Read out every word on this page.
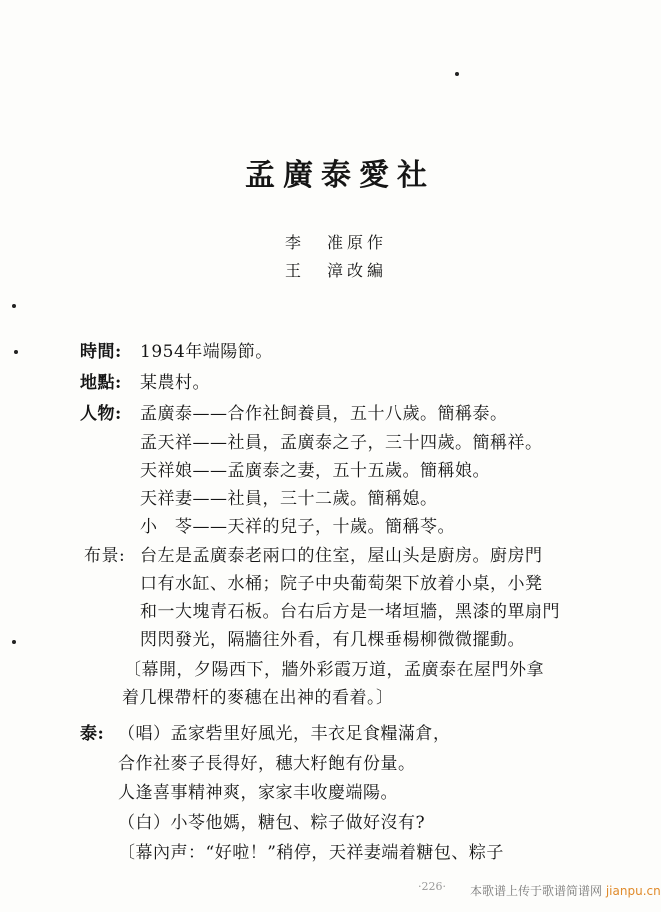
孟廣泰愛社
李 准原作
王 漳改編
時間: 1954年端陽節。
地點: 某農村。
人物: 孟廣泰——合作社飼養員，五十八歲。簡稱泰。
孟天祥——社員，孟廣泰之子，三十四歲。簡稱祥。
天祥娘——孟廣泰之妻，五十五歲。簡稱娘。
天祥妻——社員，三十二歲。簡稱媳。
小　苓——天祥的兒子，十歲。簡稱苓。
布景: 台左是孟廣泰老兩口的住室，屋山头是廚房。廚房門
口有水缸、水桶；院子中央葡萄架下放着小桌，小凳
和一大塊青石板。台右后方是一堵垣牆，黑漆的單扇門
閃閃發光，隔牆往外看，有几棵垂楊柳微微擺動。
〔幕開，夕陽西下，牆外彩霞万道，孟廣泰在屋門外拿
着几棵帶杆的麥穗在出神的看着。〕
泰: （唱）孟家砦里好風光，丰衣足食糧滿倉，
合作社麥子長得好，穗大籽飽有份量。
人逢喜事精神爽，家家丰收慶端陽。
（白）小苓他媽，糖包、粽子做好沒有?
〔幕內声：“好啦！”稍停，天祥妻端着糖包、粽子
·226· 本歌谱上传于歌谱简谱网 jianpu.cn
